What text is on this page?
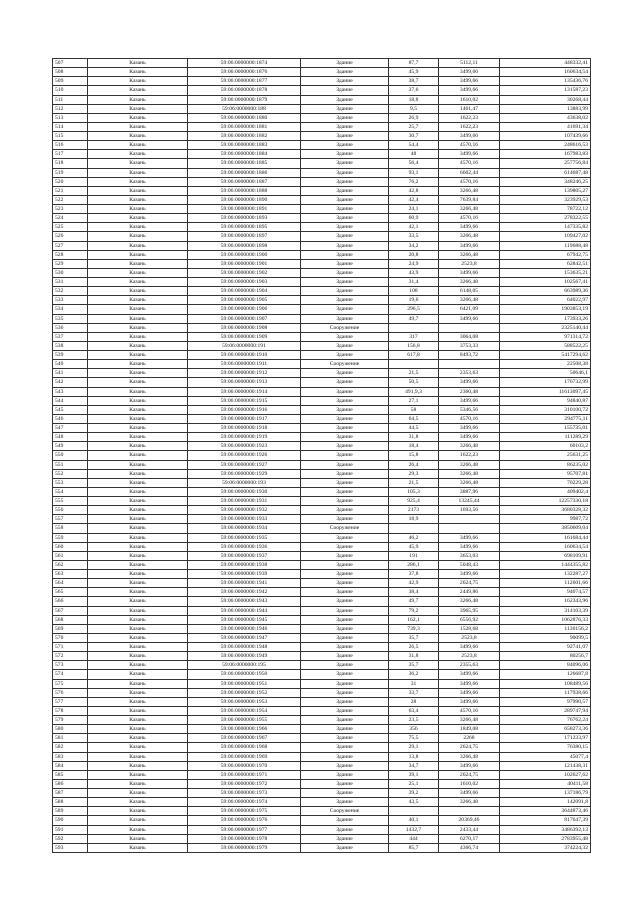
507	Казань	59:06:0000000:1874	Здание	87,7	5112,11	448332,41
508	Казань	59:06:0000000:1876	Здание	45,9	3499,66	160634,54
509	Казань	59:06:0000000:1877	Здание	38,7	3499,66	135436,76
510	Казань	59:06:0000000:1878	Здание	37,6	3499,66	131587,23
511	Казань	59:06:0000000:1879	Здание	18,8	1610,02	30268,44
512	Казань	59:06:0000000:188	Здание	9,5	1461,47	13883,99
513	Казань	59:06:0000000:1880	Здание	26,9	1622,23	43638,02
514	Казань	59:06:0000000:1881	Здание	25,7	1622,23	41691,34
515	Казань	59:06:0000000:1882	Здание	30,7	3499,66	107439,66
516	Казань	59:06:0000000:1883	Здание	54,4	4570,16	248616,53
517	Казань	59:06:0000000:1884	Здание	48	3499,66	167983,83
518	Казань	59:06:0000000:1885	Здание	56,4	4570,16	257756,84
519	Казань	59:06:0000000:1886	Здание	93,1	6602,44	614687,48
520	Казань	59:06:0000000:1887	Здание	76,2	4570,16	348246,25
521	Казань	59:06:0000000:1888	Здание	42,8	3266,48	139805,27
522	Казань	59:06:0000000:1890	Здание	42,4	7639,84	323929,53
523	Казань	59:06:0000000:1891	Здание	24,1	3266,48	78722,12
524	Казань	59:06:0000000:1893	Здание	60,9	4570,16	278322,55
525	Казань	59:06:0000000:1895	Здание	42,1	3499,66	147335,82
526	Казань	59:06:0000000:1897	Здание	33,5	3266,48	109427,02
527	Казань	59:06:0000000:1898	Здание	34,2	3499,66	119688,48
528	Казань	59:06:0000000:1900	Здание	20,8	3266,48	67942,75
529	Казань	59:06:0000000:1901	Здание	24,9	2523,8	62842,51
530	Казань	59:06:0000000:1902	Здание	43,9	3499,66	153635,21
531	Казань	59:06:0000000:1903	Здание	31,4	3266,48	102567,41
532	Казань	59:06:0000000:1904	Здание	108	6148,05	663989,36
533	Казань	59:06:0000000:1905	Здание	19,6	3266,48	64022,97
534	Казань	59:06:0000000:1906	Здание	296,5	6421,09	1903853,19
535	Казань	59:06:0000000:1907	Здание	49,7	3499,66	173933,26
536	Казань	59:06:0000000:1908	Сооружение			2325140,44
537	Казань	59:06:0000000:1909	Здание	317	3064,08	971314,72
538	Казань	59:06:0000000:191	Здание	156,8	3753,33	588522,25
539	Казань	59:06:0000000:1910	Здание	617,8	8493,72	5417294,62
540	Казань	59:06:0000000:1911	Сооружение			22508,38
541	Казань	59:06:0000000:1912	Здание	21,5	2353,63	50646,1
542	Казань	59:06:0000000:1913	Здание	50,5	3499,66	176732,99
543	Казань	59:06:0000000:1914	Здание	491,9,3	2360,48	11613097,45
544	Казань	59:06:0000000:1915	Здание	27,1	3499,66	94840,87
545	Казань	59:06:0000000:1916	Здание	58	5346,56	310100,72
546	Казань	59:06:0000000:1917	Здание	64,5	4570,16	294775,11
547	Казань	59:06:0000000:1918	Здание	44,5	3499,66	155735,01
548	Казань	59:06:0000000:1919	Здание	31,8	3499,66	111289,29
549	Казань	59:06:0000000:1923	Здание	18,4	3266,48	60103,2
550	Казань	59:06:0000000:1926	Здание	15,8	1622,23	25631,25
551	Казань	59:06:0000000:1927	Здание	26,4	3266,48	86235,02
552	Казань	59:06:0000000:1929	Здание	29,3	3266,48	95707,81
553	Казань	59:06:0000000:193	Здание	21,5	3266,48	70229,28
554	Казань	59:06:0000000:1930	Здание	105,3	3887,96	409402,4
555	Казань	59:06:0000000:1931	Здание	925,4	13245,44	12257330,18
556	Казань	59:06:0000000:1932	Здание	2173	1693,56	3680328,32
557	Казань	59:06:0000000:1933	Здание	18,9		9987,72
558	Казань	59:06:0000000:1934	Сооружение			3850609,04
559	Казань	59:06:0000000:1935	Здание	46,2	3499,66	161684,44
560	Казань	59:06:0000000:1936	Здание	45,9	3499,66	160634,54
561	Казань	59:06:0000000:1937	Здание	191	3653,03	698109,91
562	Казань	59:06:0000000:1938	Здание	286,1	5048,43	1444355,82
563	Казань	59:06:0000000:1939	Здание	37,8	3499,66	132287,27
564	Казань	59:06:0000000:1941	Здание	42,9	2624,75	112601,66
565	Казань	59:06:0000000:1942	Здание	38,4	2449,86	94074,57
566	Казань	59:06:0000000:1943	Здание	49,7	3266,48	162343,96
567	Казань	59:06:0000000:1944	Здание	79,2	3965,95	314103,39
568	Казань	59:06:0000000:1945	Здание	162,1	6556,92	1062876,33
569	Казань	59:06:0000000:1946	Здание	739,3	1528,68	1130156,2
570	Казань	59:06:0000000:1947	Здание	35,7	2523,8	90099,5
571	Казань	59:06:0000000:1948	Здание	26,5	3499,66	92741,07
572	Казань	59:06:0000000:1949	Здание	31,8	2523,8	80256,7
573	Казань	59:06:0000000:195	Здание	35,7	2355,63	84096,06
574	Казань	59:06:0000000:1950	Здание	36,2	3499,66	126687,8
575	Казань	59:06:0000000:1951	Здание	31	3499,66	108489,56
576	Казань	59:06:0000000:1952	Здание	33,7	3499,66	117938,66
577	Казань	59:06:0000000:1953	Здание	28	3499,66	97990,57
578	Казань	59:06:0000000:1954	Здание	63,4	4570,16	289747,94
579	Казань	59:06:0000000:1955	Здание	23,5	3266,48	76762,24
580	Казань	59:06:0000000:1966	Здание	356	1849,08	658273,36
581	Казань	59:06:0000000:1967	Здание	75,5	2268	171233,97
582	Казань	59:06:0000000:1968	Здание	29,1	2624,75	76380,15
583	Казань	59:06:0000000:1969	Здание	13,8	3266,48	45077,4
584	Казань	59:06:0000000:1970	Здание	34,7	3499,66	121438,31
585	Казань	59:06:0000000:1971	Здание	39,1	2624,75	102627,62
586	Казань	59:06:0000000:1972	Здание	25,1	1610,02	40411,58
587	Казань	59:06:0000000:1973	Здание	39,2	3499,66	137186,79
588	Казань	59:06:0000000:1974	Здание	43,5	3266,48	142091,8
589	Казань	59:06:0000000:1975	Сооружение			3644873,46
590	Казань	59:06:0000000:1976	Здание	40,1	20369,46	817647,39
591	Казань	59:06:0000000:1977	Здание	1432,7	2433,44	3486392,13
592	Казань	59:06:0000000:1978	Здание	444	6270,17	2783955,48
593	Казань	59:06:0000000:1979	Здание	85,7	4366,74	374224,32
